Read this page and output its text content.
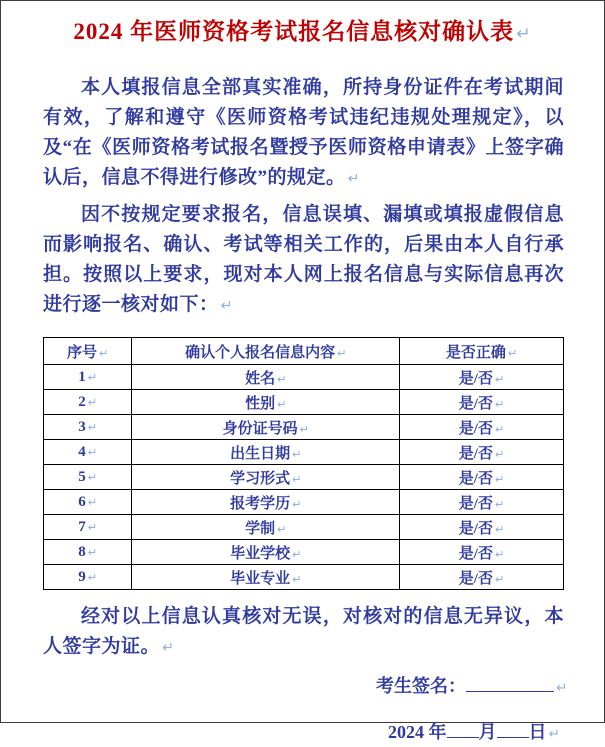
2024 年医师资格考试报名信息核对确认表 ↵

本人填报信息全部真实准确，所持身份证件在考试期间有效，了解和遵守《医师资格考试违纪违规处理规定》，以及“在《医师资格考试报名暨授予医师资格申请表》上签字确认后，信息不得进行修改”的规定。 ↵

因不按规定要求报名，信息误填、漏填或填报虚假信息而影响报名、确认、考试等相关工作的，后果由本人自行承担。按照以上要求，现对本人网上报名信息与实际信息再次进行逐一核对如下： ↵

序号 ↵	确认个人报名信息内容 ↵	是否正确 ↵
1 ↵	姓名 ↵	是/否 ↵
2 ↵	性别 ↵	是/否 ↵
3 ↵	身份证号码 ↵	是/否 ↵
4 ↵	出生日期 ↵	是/否 ↵
5 ↵	学习形式 ↵	是/否 ↵
6 ↵	报考学历 ↵	是/否 ↵
7 ↵	学制 ↵	是/否 ↵
8 ↵	毕业学校 ↵	是/否 ↵
9 ↵	毕业专业 ↵	是/否 ↵

经对以上信息认真核对无误，对核对的信息无异议，本人签字为证。 ↵

考生签名：	↵
2024 年 月 日 ↵
